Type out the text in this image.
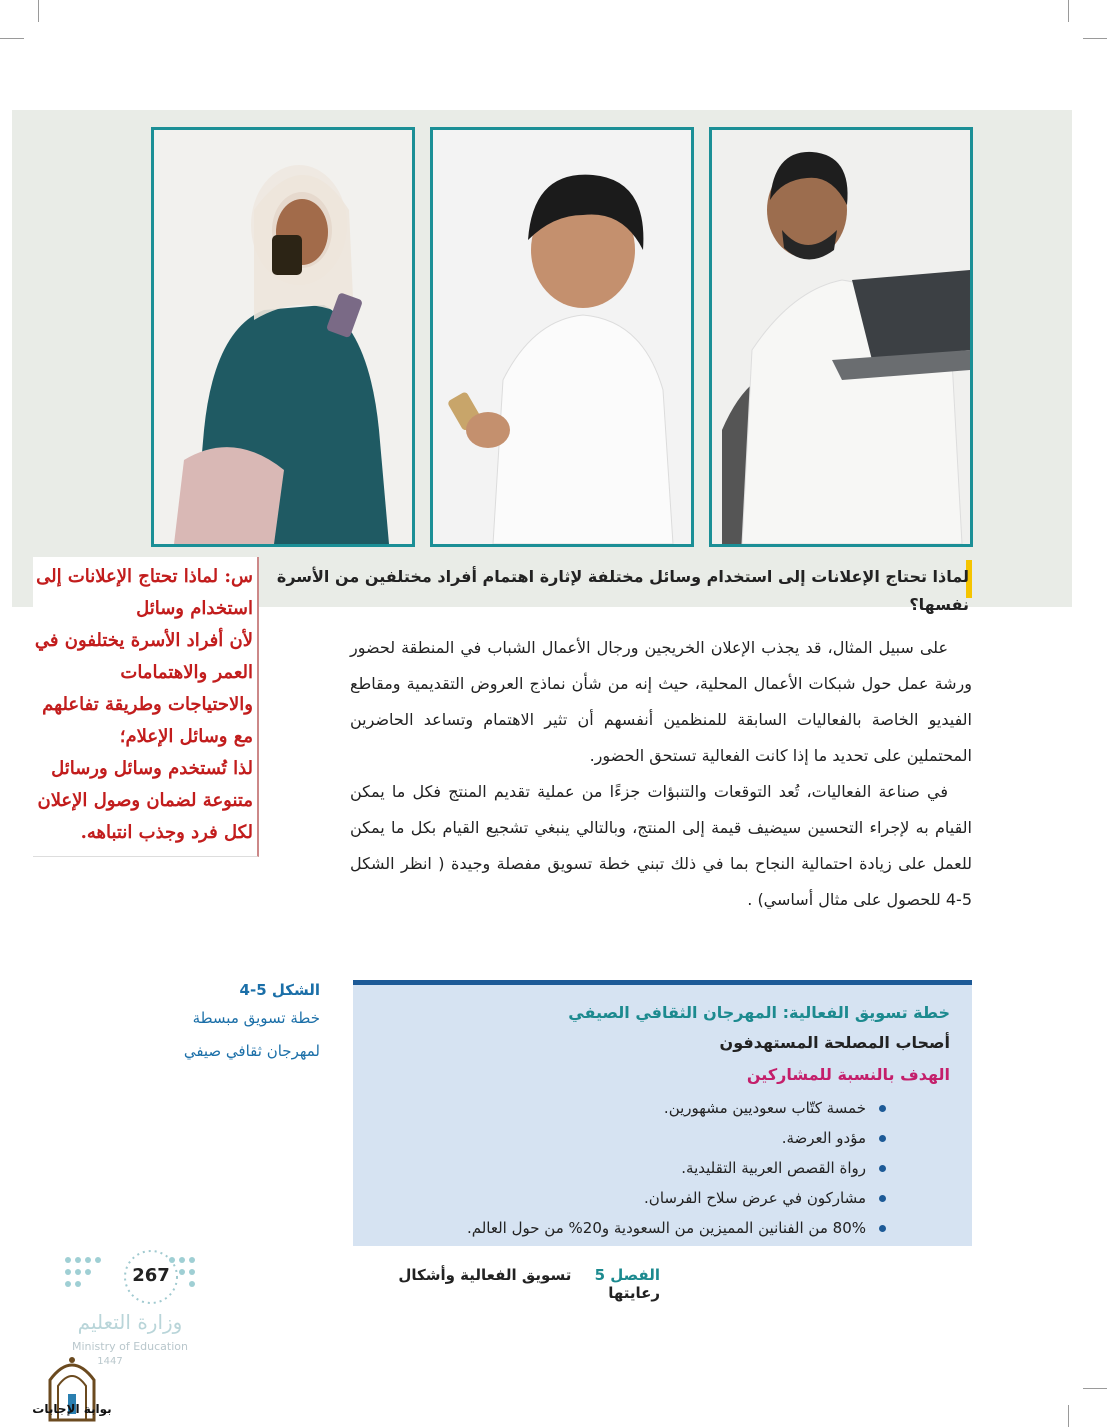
لماذا تحتاج الإعلانات إلى استخدام وسائل مختلفة لإثارة اهتمام أفراد مختلفين من الأسرة نفسها؟
س: لماذا تحتاج الإعلانات إلى
استخدام وسائل
لأن أفراد الأسرة يختلفون في
العمر والاهتمامات
والاحتياجات وطريقة تفاعلهم
مع وسائل الإعلام؛
لذا تُستخدم وسائل ورسائل
متنوعة لضمان وصول الإعلان
لكل فرد وجذب انتباهه.

على سبيل المثال، قد يجذب الإعلان الخريجين ورجال الأعمال الشباب في المنطقة لحضور ورشة عمل حول شبكات الأعمال المحلية، حيث إنه من شأن نماذج العروض التقديمية ومقاطع الفيديو الخاصة بالفعاليات السابقة للمنظمين أنفسهم أن تثير الاهتمام وتساعد الحاضرين المحتملين على تحديد ما إذا كانت الفعالية تستحق الحضور.

في صناعة الفعاليات، تُعد التوقعات والتنبؤات جزءًا من عملية تقديم المنتج فكل ما يمكن القيام به لإجراء التحسين سيضيف قيمة إلى المنتج، وبالتالي ينبغي تشجيع القيام بكل ما يمكن للعمل على زيادة احتمالية النجاح بما في ذلك تبني خطة تسويق مفصلة وجيدة ( انظر الشكل 5-4 للحصول على مثال أساسي) .

الشكل 5-4
خطة تسويق مبسطة
لمهرجان ثقافي صيفي
خطة تسويق الفعالية: المهرجان الثقافي الصيفي
أصحاب المصلحة المستهدفون
الهدف بالنسبة للمشاركين
خمسة كتّاب سعوديين مشهورين.
مؤدو العرضة.
رواة القصص العربية التقليدية.
مشاركون في عرض سلاح الفرسان.
80% من الفنانين المميزين من السعودية و20% من حول العالم.
الفصل 5 تسويق الفعالية وأشكال رعايتها
267
وزارة التعليم
Ministry of Education
1447
بوابة الإجابات
